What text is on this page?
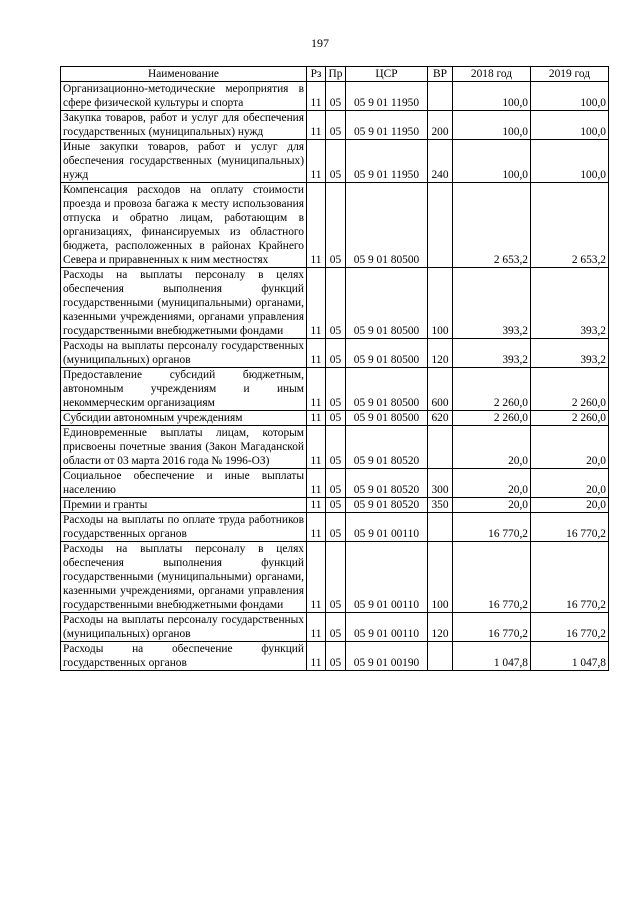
197
Наименование	Рз	Пр	ЦСР	ВР	2018 год	2019 год
Организационно-методические мероприятия в сфере физической культуры и спорта	11	05	05 9 01 11950		100,0	100,0
Закупка товаров, работ и услуг для обеспечения государственных (муниципальных) нужд	11	05	05 9 01 11950	200	100,0	100,0
Иные закупки товаров, работ и услуг для обеспечения государственных (муниципальных) нужд	11	05	05 9 01 11950	240	100,0	100,0
Компенсация расходов на оплату стоимости проезда и провоза багажа к месту использования отпуска и обратно лицам, работающим в организациях, финансируемых из областного бюджета, расположенных в районах Крайнего Севера и приравненных к ним местностях	11	05	05 9 01 80500		2 653,2	2 653,2
Расходы на выплаты персоналу в целях обеспечения выполнения функций государственными (муниципальными) органами, казенными учреждениями, органами управления государственными внебюджетными фондами	11	05	05 9 01 80500	100	393,2	393,2
Расходы на выплаты персоналу государственных (муниципальных) органов	11	05	05 9 01 80500	120	393,2	393,2
Предоставление субсидий бюджетным, автономным учреждениям и иным некоммерческим организациям	11	05	05 9 01 80500	600	2 260,0	2 260,0
Субсидии автономным учреждениям	11	05	05 9 01 80500	620	2 260,0	2 260,0
Единовременные выплаты лицам, которым присвоены почетные звания (Закон Магаданской области от 03 марта 2016 года № 1996-ОЗ)	11	05	05 9 01 80520		20,0	20,0
Социальное обеспечение и иные выплаты населению	11	05	05 9 01 80520	300	20,0	20,0
Премии и гранты	11	05	05 9 01 80520	350	20,0	20,0
Расходы на выплаты по оплате труда работников государственных органов	11	05	05 9 01 00110		16 770,2	16 770,2
Расходы на выплаты персоналу в целях обеспечения выполнения функций государственными (муниципальными) органами, казенными учреждениями, органами управления государственными внебюджетными фондами	11	05	05 9 01 00110	100	16 770,2	16 770,2
Расходы на выплаты персоналу государственных (муниципальных) органов	11	05	05 9 01 00110	120	16 770,2	16 770,2
Расходы на обеспечение функций государственных органов	11	05	05 9 01 00190		1 047,8	1 047,8
